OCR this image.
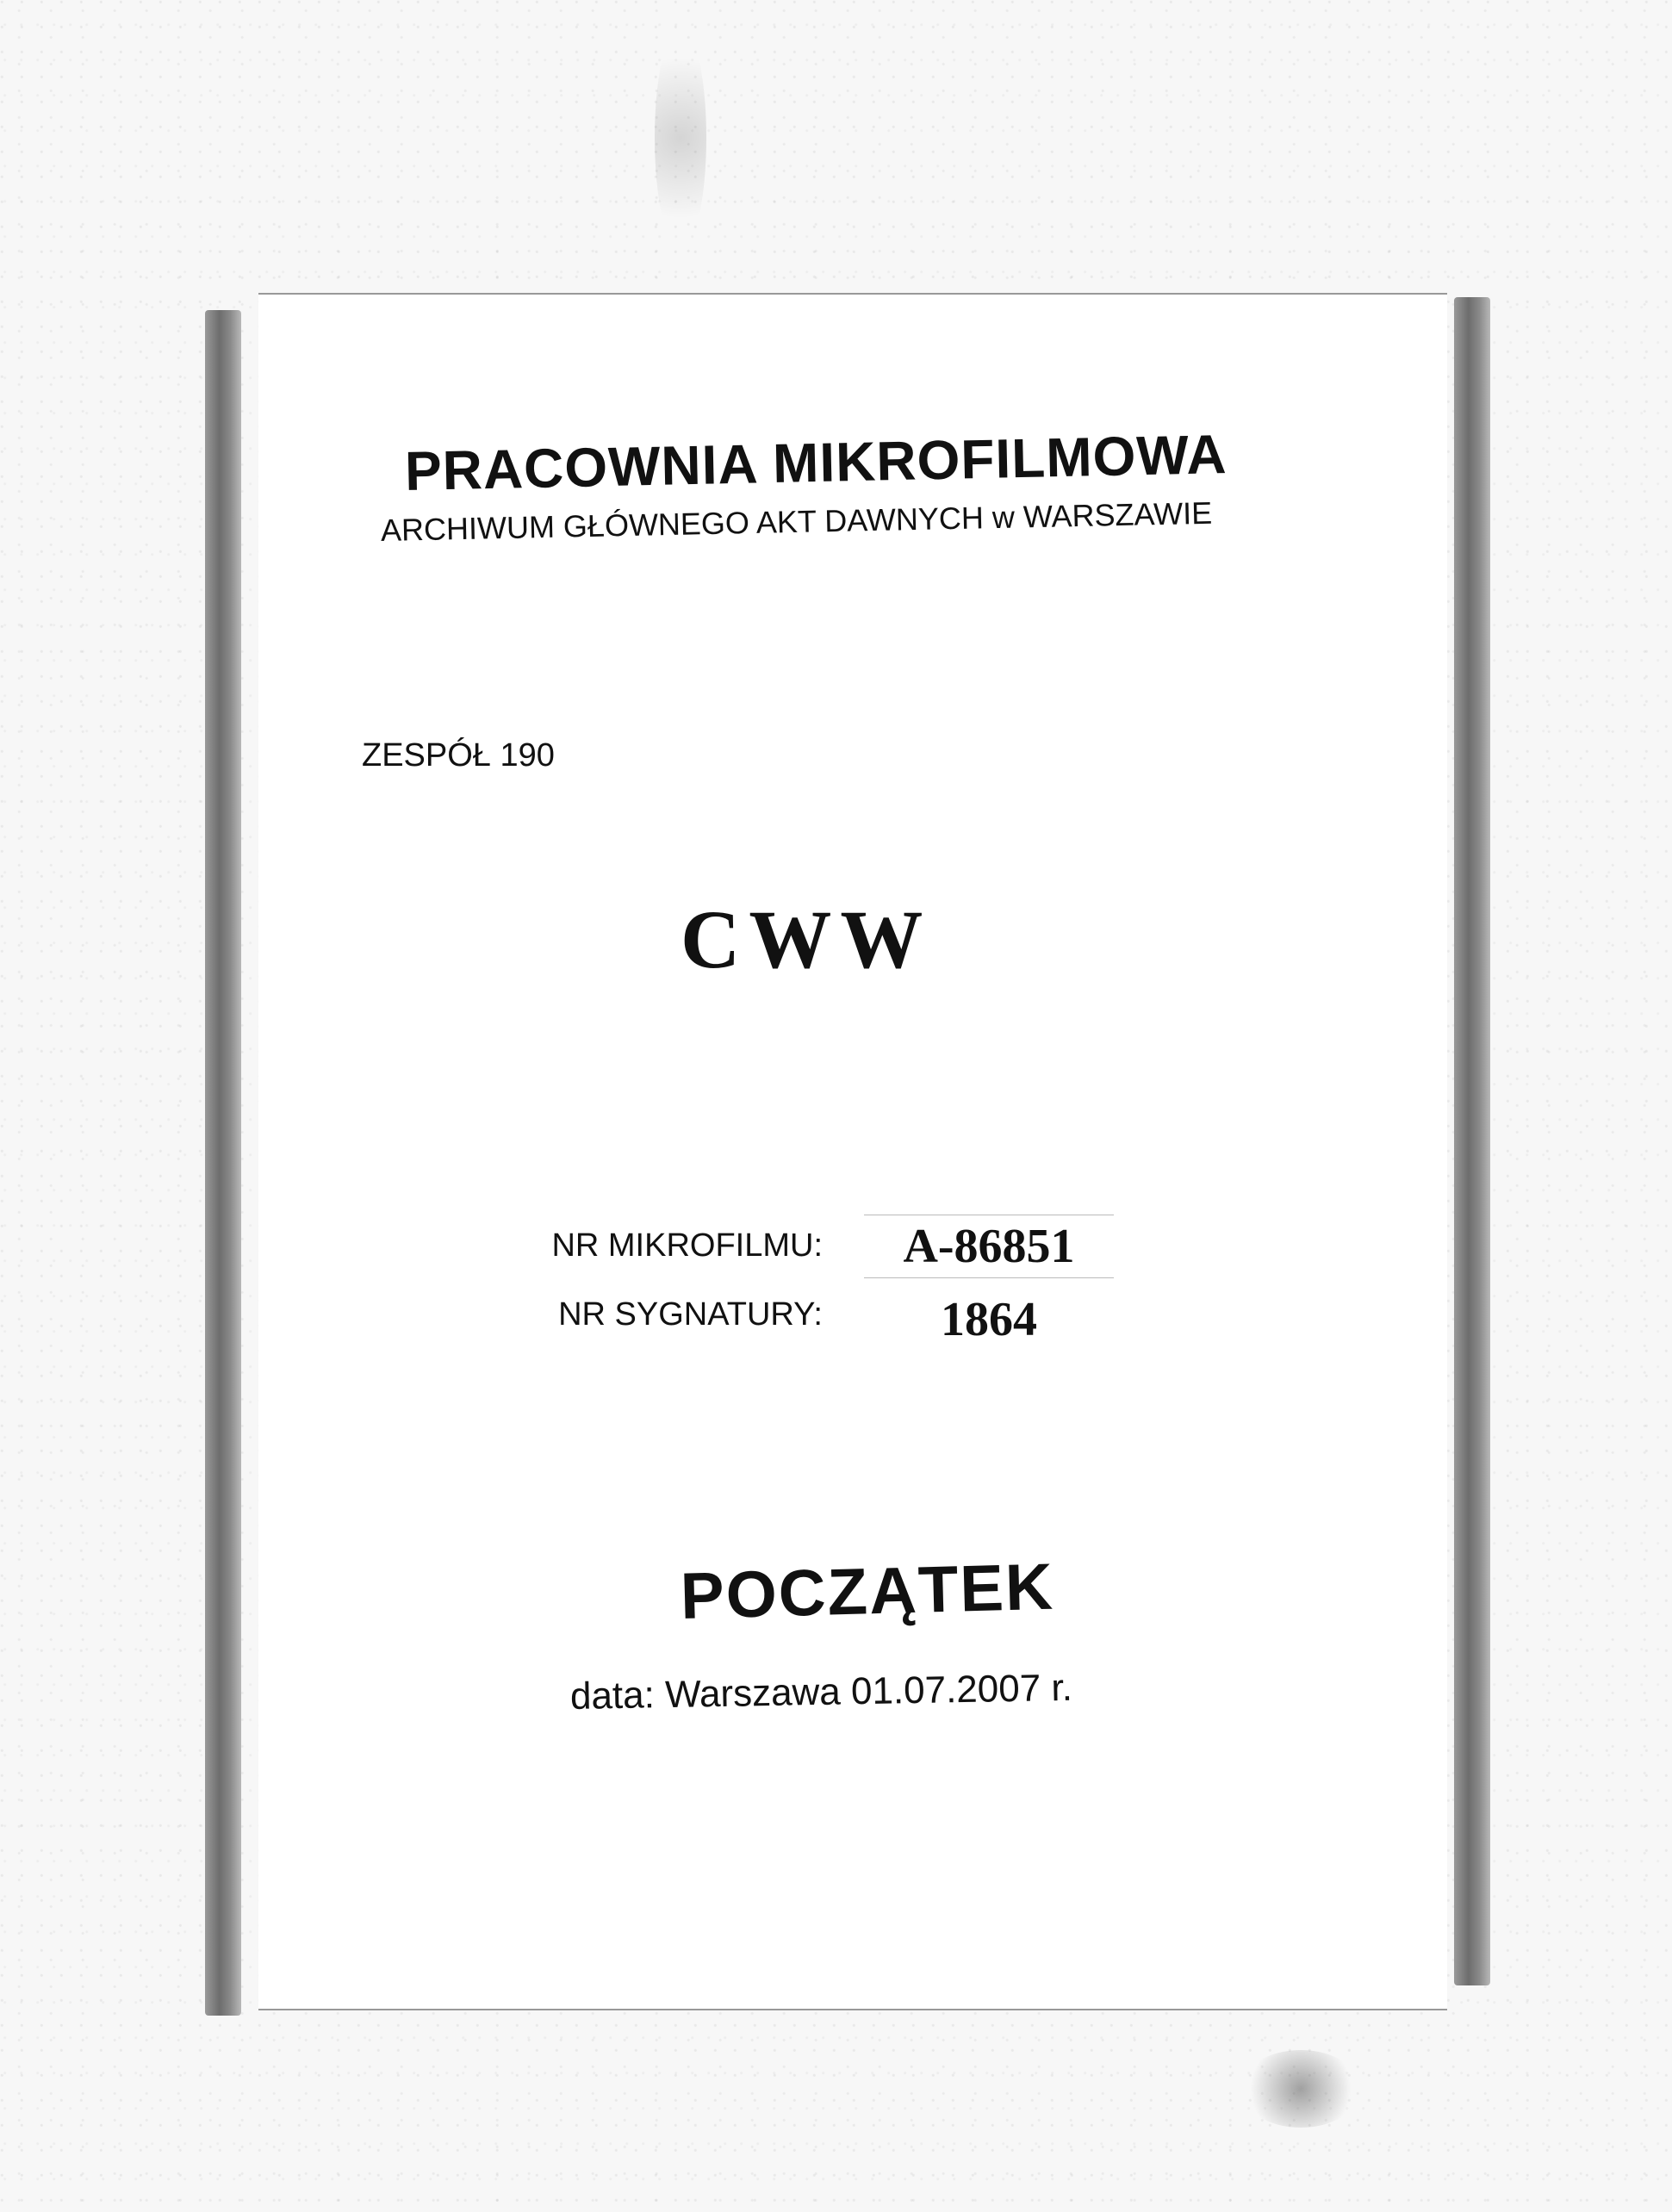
PRACOWNIA MIKROFILMOWA
ARCHIWUM GŁÓWNEGO AKT DAWNYCH w WARSZAWIE
ZESPÓŁ 190
CWW
NR MIKROFILMU:	A-86851
NR SYGNATURY:	1864
POCZĄTEK
data: Warszawa 01.07.2007 r.
